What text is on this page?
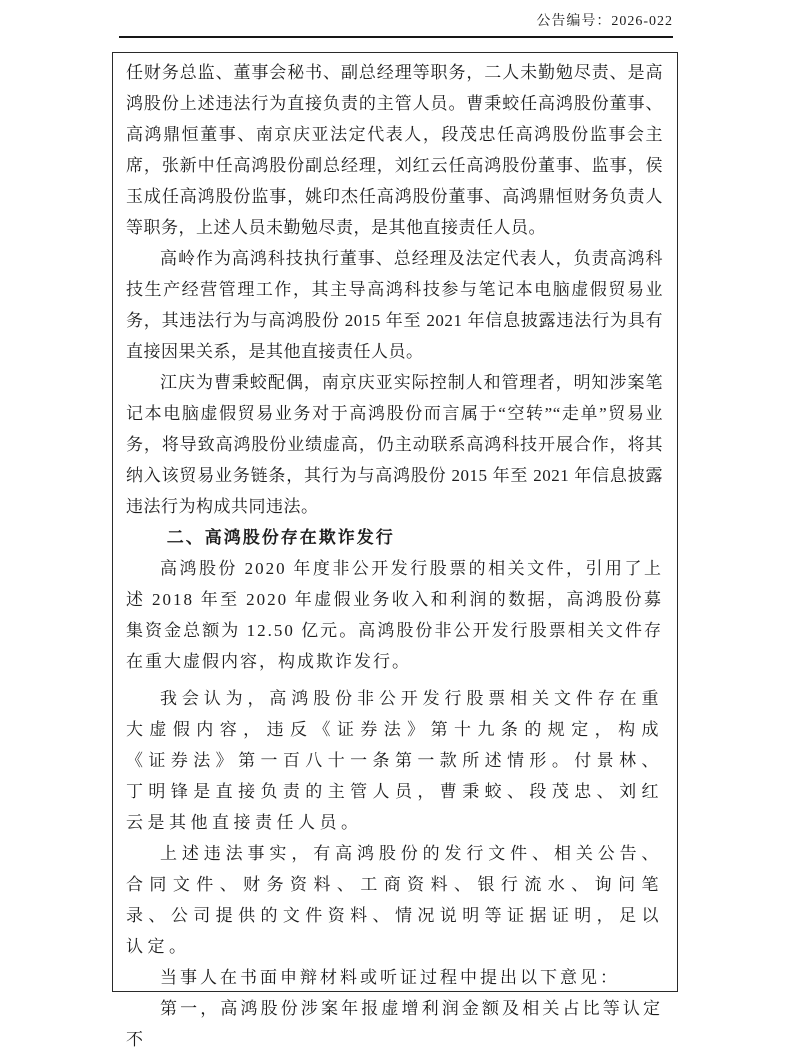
公告编号：2026-022

任财务总监、董事会秘书、副总经理等职务，二人未勤勉尽责、是高鸿股份上述违法行为直接负责的主管人员。曹秉蛟任高鸿股份董事、高鸿鼎恒董事、南京庆亚法定代表人，段茂忠任高鸿股份监事会主席，张新中任高鸿股份副总经理，刘红云任高鸿股份董事、监事，侯玉成任高鸿股份监事，姚印杰任高鸿股份董事、高鸿鼎恒财务负责人等职务，上述人员未勤勉尽责，是其他直接责任人员。

高岭作为高鸿科技执行董事、总经理及法定代表人，负责高鸿科技生产经营管理工作，其主导高鸿科技参与笔记本电脑虚假贸易业务，其违法行为与高鸿股份 2015 年至 2021 年信息披露违法行为具有直接因果关系，是其他直接责任人员。

江庆为曹秉蛟配偶，南京庆亚实际控制人和管理者，明知涉案笔记本电脑虚假贸易业务对于高鸿股份而言属于“空转”“走单”贸易业务，将导致高鸿股份业绩虚高，仍主动联系高鸿科技开展合作，将其纳入该贸易业务链条，其行为与高鸿股份 2015 年至 2021 年信息披露违法行为构成共同违法。

二、高鸿股份存在欺诈发行

高鸿股份 2020 年度非公开发行股票的相关文件，引用了上述 2018 年至 2020 年虚假业务收入和利润的数据，高鸿股份募集资金总额为 12.50 亿元。高鸿股份非公开发行股票相关文件存在重大虚假内容，构成欺诈发行。

我会认为，高鸿股份非公开发行股票相关文件存在重大虚假内容，违反《证券法》第十九条的规定，构成《证券法》第一百八十一条第一款所述情形。付景林、丁明锋是直接负责的主管人员，曹秉蛟、段茂忠、刘红云是其他直接责任人员。

上述违法事实，有高鸿股份的发行文件、相关公告、合同文件、财务资料、工商资料、银行流水、询问笔录、公司提供的文件资料、情况说明等证据证明，足以认定。

当事人在书面申辩材料或听证过程中提出以下意见：

第一，高鸿股份涉案年报虚增利润金额及相关占比等认定不
